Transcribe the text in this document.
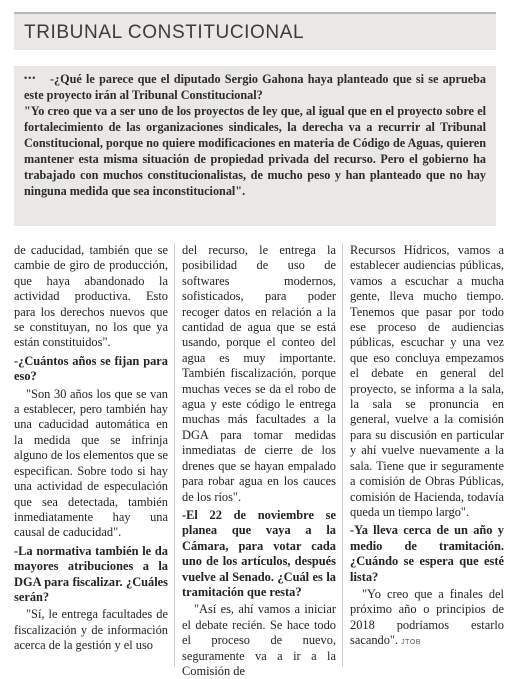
TRIBUNAL CONSTITUCIONAL
•••	-¿Qué le parece que el diputado Sergio Gahona haya planteado que si se aprueba este proyecto irán al Tribunal Constitucional?
"Yo creo que va a ser uno de los proyectos de ley que, al igual que en el proyecto sobre el fortalecimiento de las organizaciones sindicales, la derecha va a recurrir al Tribunal Constitucional, porque no quiere modificaciones en materia de Código de Aguas, quieren mantener esta misma situación de propiedad privada del recurso. Pero el gobierno ha trabajado con muchos constitucionalistas, de mucho peso y han planteado que no hay ninguna medida que sea inconstitucional".

de caducidad, también que se cambie de giro de producción, que haya abandonado la actividad productiva. Esto para los derechos nuevos que se constituyan, no los que ya están constituidos".

-¿Cuántos años se fijan para eso?

"Son 30 años los que se van a establecer, pero también hay una caducidad automática en la medida que se infrinja alguno de los elementos que se especifican. Sobre todo si hay una actividad de especulación que sea detectada, también inmediatamente hay una causal de caducidad".

-La normativa también le da mayores atribuciones a la DGA para fiscalizar. ¿Cuáles serán?

"Sí, le entrega facultades de fiscalización y de información acerca de la gestión y el uso

del recurso, le entrega la posibilidad de uso de softwares modernos, sofisticados, para poder recoger datos en relación a la cantidad de agua que se está usando, porque el conteo del agua es muy importante. También fiscalización, porque muchas veces se da el robo de agua y este código le entrega muchas más facultades a la DGA para tomar medidas inmediatas de cierre de los drenes que se hayan empalado para robar agua en los cauces de los ríos".

-El 22 de noviembre se planea que vaya a la Cámara, para votar cada uno de los artículos, después vuelve al Senado. ¿Cuál es la tramitación que resta?

"Así es, ahí vamos a iniciar el debate recién. Se hace todo el proceso de nuevo, seguramente va a ir a la Comisión de

Recursos Hídricos, vamos a establecer audiencias públicas, vamos a escuchar a mucha gente, lleva mucho tiempo. Tenemos que pasar por todo ese proceso de audiencias públicas, escuchar y una vez que eso concluya empezamos el debate en general del proyecto, se informa a la sala, la sala se pronuncia en general, vuelve a la comisión para su discusión en particular y ahí vuelve nuevamente a la sala. Tiene que ir seguramente a comisión de Obras Públicas, comisión de Hacienda, todavía queda un tiempo largo".

-Ya lleva cerca de un año y medio de tramitación. ¿Cuándo se espera que esté lista?

"Yo creo que a finales del próximo año o principios de 2018 podríamos estarlo sacando". JTOB
